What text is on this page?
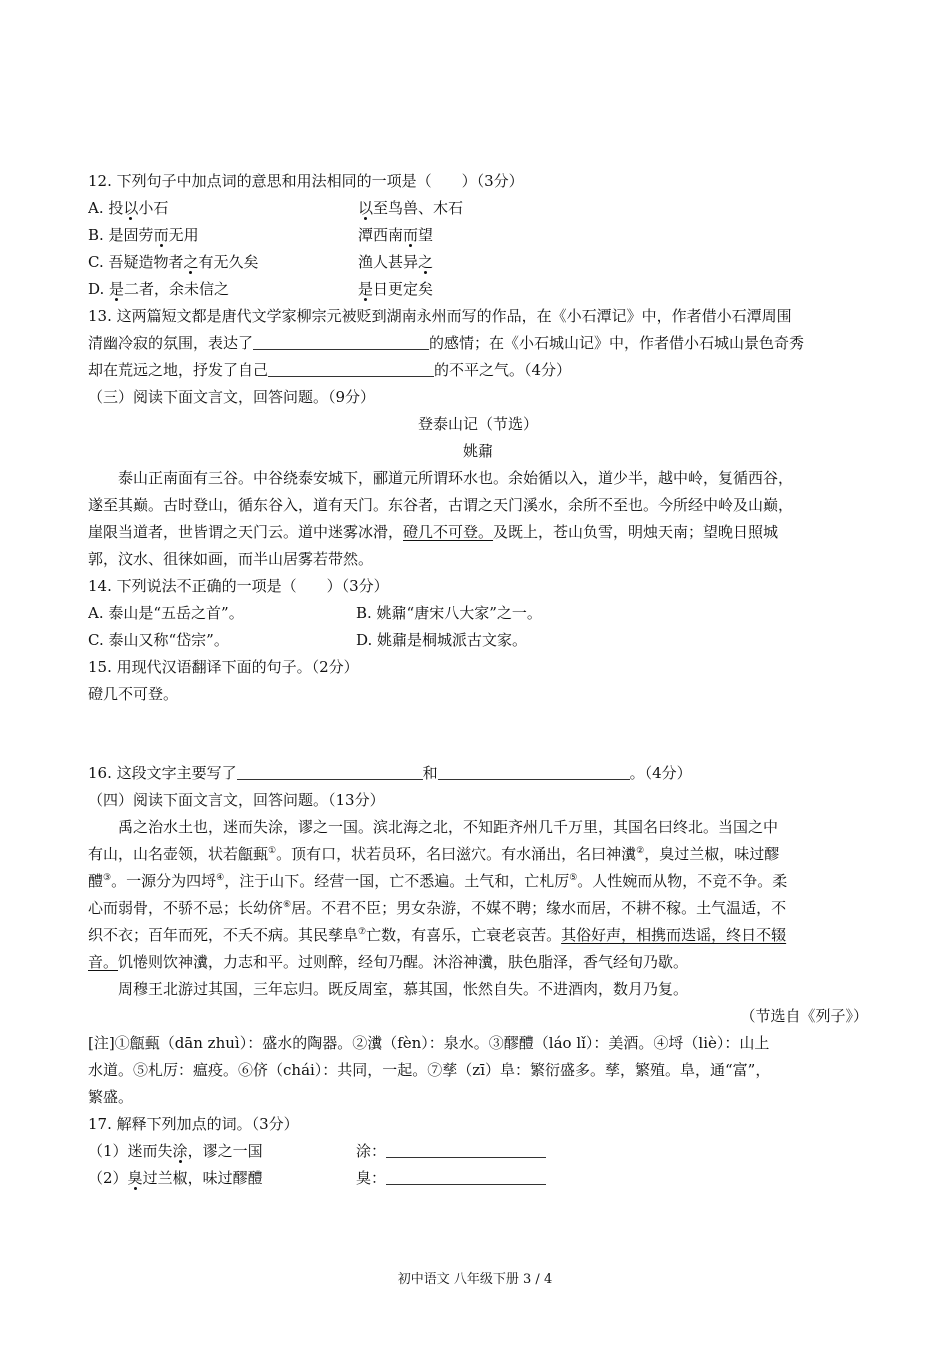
12. 下列句子中加点词的意思和用法相同的一项是（　　）（3分）
A. 投以小石	以至鸟兽、木石
B. 是固劳而无用	潭西南而望
C. 吾疑造物者之有无久矣	渔人甚异之
D. 是二者，余未信之	是日更定矣
13. 这两篇短文都是唐代文学家柳宗元被贬到湖南永州而写的作品，在《小石潭记》中，作者借小石潭周围
清幽冷寂的氛围，表达了	的感情；在《小石城山记》中，作者借小石城山景色奇秀
却在荒远之地，抒发了自己	的不平之气。（4分）
（三）阅读下面文言文，回答问题。（9分）
登泰山记（节选）
姚鼐
泰山正南面有三谷。中谷绕泰安城下，郦道元所谓环水也。余始循以入，道少半，越中岭，复循西谷，
遂至其巅。古时登山，循东谷入，道有天门。东谷者，古谓之天门溪水，余所不至也。今所经中岭及山巅，
崖限当道者，世皆谓之天门云。道中迷雾冰滑，磴几不可登。及既上，苍山负雪，明烛天南；望晚日照城
郭，汶水、徂徕如画，而半山居雾若带然。
14. 下列说法不正确的一项是（　　）（3分）
A. 泰山是“五岳之首”。	B. 姚鼐“唐宋八大家”之一。
C. 泰山又称“岱宗”。	D. 姚鼐是桐城派古文家。
15. 用现代汉语翻译下面的句子。（2分）
磴几不可登。
16. 这段文字主要写了	和	。（4分）
（四）阅读下面文言文，回答问题。（13分）
禹之治水土也，迷而失涂，谬之一国。滨北海之北，不知距齐州几千万里，其国名曰终北。当国之中
有山，山名壶领，状若甔甀①。顶有口，状若员环，名曰滋穴。有水涌出，名曰神瀵②，臭过兰椒，味过醪
醴③。一源分为四埒④，注于山下。经营一国，亡不悉遍。土气和，亡札厉⑤。人性婉而从物，不竞不争。柔
心而弱骨，不骄不忌；长幼侪⑥居。不君不臣；男女杂游，不媒不聘；缘水而居，不耕不稼。土气温适，不
织不衣；百年而死，不夭不病。其民孳阜⑦亡数，有喜乐，亡衰老哀苦。其俗好声，相携而迭谣，终日不辍
音。饥惓则饮神瀵，力志和平。过则醉，经旬乃醒。沐浴神瀵，肤色脂泽，香气经旬乃歇。
周穆王北游过其国，三年忘归。既反周室，慕其国，怅然自失。不进酒肉，数月乃复。
（节选自《列子》）
[注]①甔甀（dān zhuì）：盛水的陶器。②瀵（fèn）：泉水。③醪醴（láo lǐ）：美酒。④埒（liè）：山上
水道。⑤札厉：瘟疫。⑥侪（chái）：共同，一起。⑦孳（zī）阜：繁衍盛多。孳，繁殖。阜，通“富”，
繁盛。
17. 解释下列加点的词。（3分）
（1）迷而失涂，谬之一国	涂：
（2）臭过兰椒，味过醪醴	臭：
初中语文 八年级下册 3 / 4
